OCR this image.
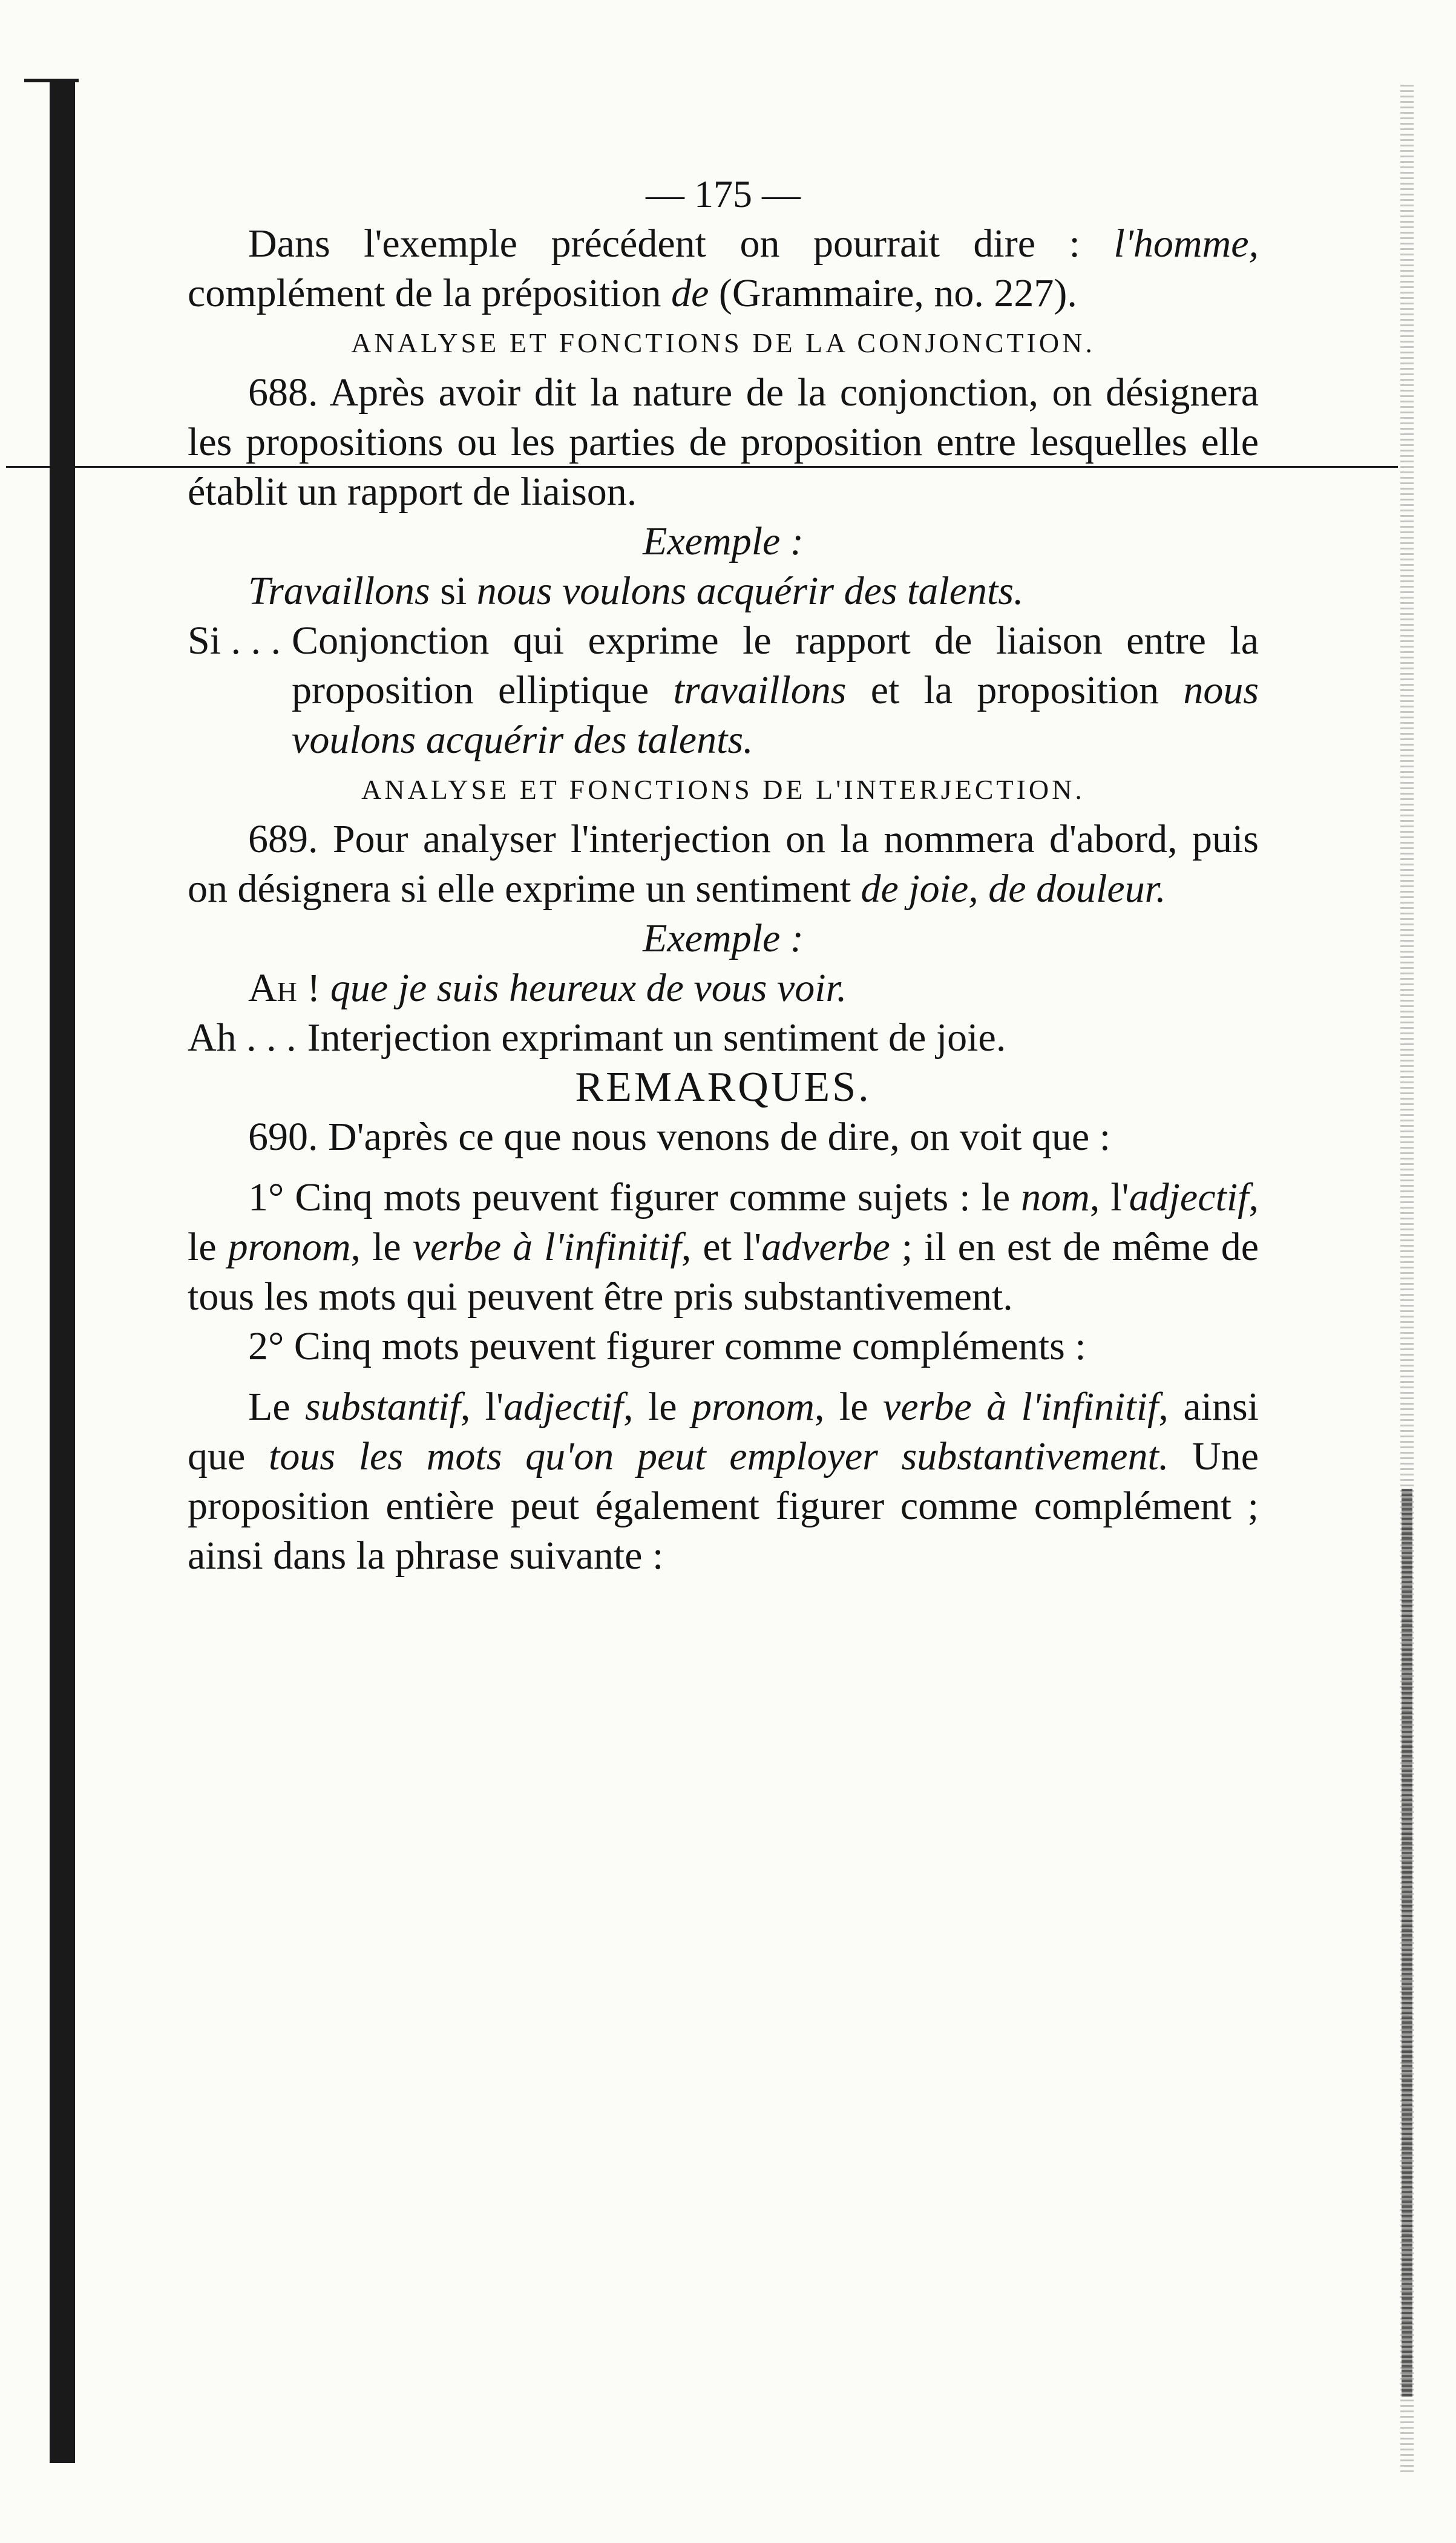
— 175 —

Dans l'exemple précédent on pourrait dire : l'homme, complément de la préposition de (Grammaire, no. 227).

ANALYSE ET FONCTIONS DE LA CONJONCTION.

688. Après avoir dit la nature de la conjonction, on désignera les propositions ou les parties de proposition entre lesquelles elle établit un rapport de liaison.

Exemple :

Travaillons si nous voulons acquérir des talents.

Si . . . Conjonction qui exprime le rapport de liaison entre la proposition elliptique travaillons et la proposition nous voulons acquérir des talents.

ANALYSE ET FONCTIONS DE L'INTERJECTION.

689. Pour analyser l'interjection on la nommera d'abord, puis on désignera si elle exprime un sentiment de joie, de douleur.

Exemple :

Ah ! que je suis heureux de vous voir.

Ah . . . Interjection exprimant un sentiment de joie.

REMARQUES.

690. D'après ce que nous venons de dire, on voit que :

1° Cinq mots peuvent figurer comme sujets : le nom, l'adjectif, le pronom, le verbe à l'infinitif, et l'adverbe ; il en est de même de tous les mots qui peuvent être pris substantivement.

2° Cinq mots peuvent figurer comme compléments :

Le substantif, l'adjectif, le pronom, le verbe à l'infinitif, ainsi que tous les mots qu'on peut employer substantivement. Une proposition entière peut également figurer comme complément ; ainsi dans la phrase suivante :
